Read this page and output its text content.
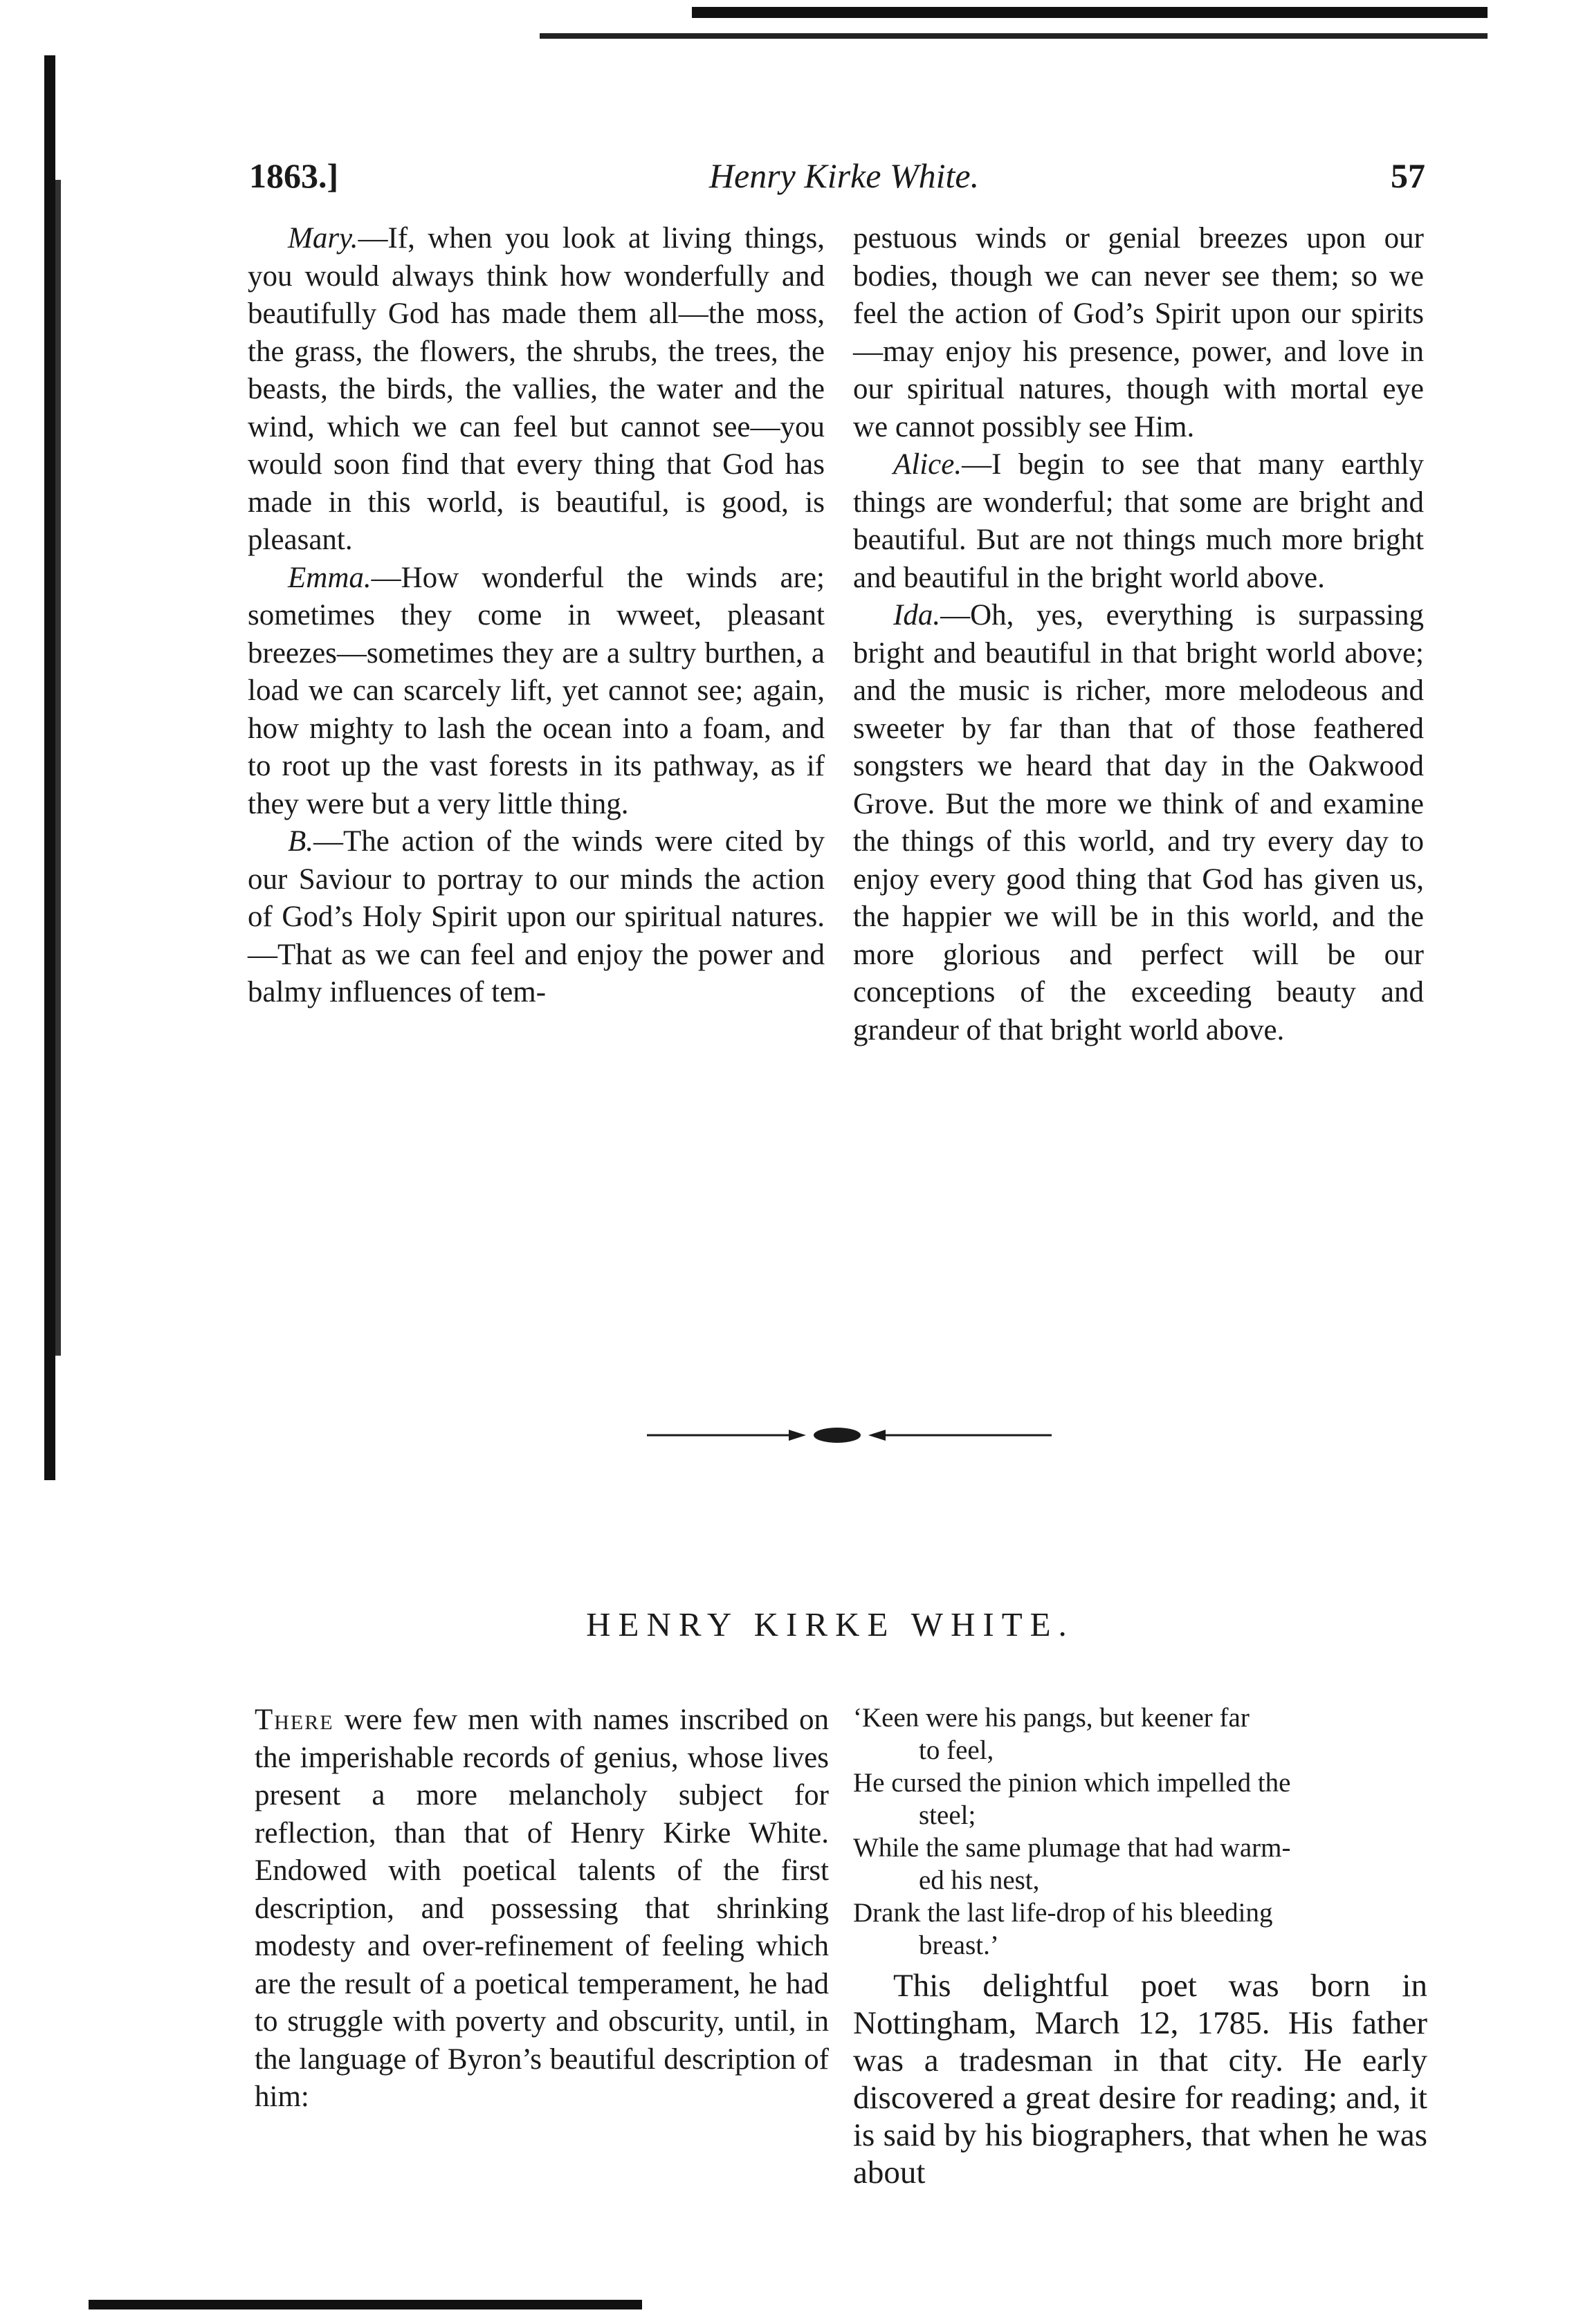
1863.]	Henry Kirke White.	57

Mary.—If, when you look at living things, you would always think how wonderfully and beautifully God has made them all—the moss, the grass, the flowers, the shrubs, the trees, the beasts, the birds, the vallies, the water and the wind, which we can feel but cannot see—you would soon find that every thing that God has made in this world, is beautiful, is good, is pleasant.

Emma.—How wonderful the winds are; sometimes they come in wweet, pleasant breezes—sometimes they are a sultry burthen, a load we can scarcely lift, yet cannot see; again, how mighty to lash the ocean into a foam, and to root up the vast forests in its pathway, as if they were but a very little thing.

B.—The action of the winds were cited by our Saviour to portray to our minds the action of God’s Holy Spirit upon our spiritual natures.—That as we can feel and enjoy the power and balmy influences of tem-

pestuous winds or genial breezes upon our bodies, though we can never see them; so we feel the action of God’s Spirit upon our spirits—may enjoy his presence, power, and love in our spiritual natures, though with mortal eye we cannot possibly see Him.

Alice.—I begin to see that many earthly things are wonderful; that some are bright and beautiful. But are not things much more bright and beautiful in the bright world above.

Ida.—Oh, yes, everything is surpassing bright and beautiful in that bright world above; and the music is richer, more melodeous and sweeter by far than that of those feathered songsters we heard that day in the Oakwood Grove. But the more we think of and examine the things of this world, and try every day to enjoy every good thing that God has given us, the happier we will be in this world, and the more glorious and perfect will be our conceptions of the exceeding beauty and grandeur of that bright world above.

HENRY KIRKE WHITE.

There were few men with names inscribed on the imperishable records of genius, whose lives present a more melancholy subject for reflection, than that of Henry Kirke White. Endowed with poetical talents of the first description, and possessing that shrinking modesty and over-refinement of feeling which are the result of a poetical temperament, he had to struggle with poverty and obscurity, until, in the language of Byron’s beautiful description of him:

‘Keen were his pangs, but keener far
to feel,
He cursed the pinion which impelled the
steel;
While the same plumage that had warm-
ed his nest,
Drank the last life-drop of his bleeding
breast.’

This delightful poet was born in Nottingham, March 12, 1785. His father was a tradesman in that city. He early discovered a great desire for reading; and, it is said by his biographers, that when he was about
